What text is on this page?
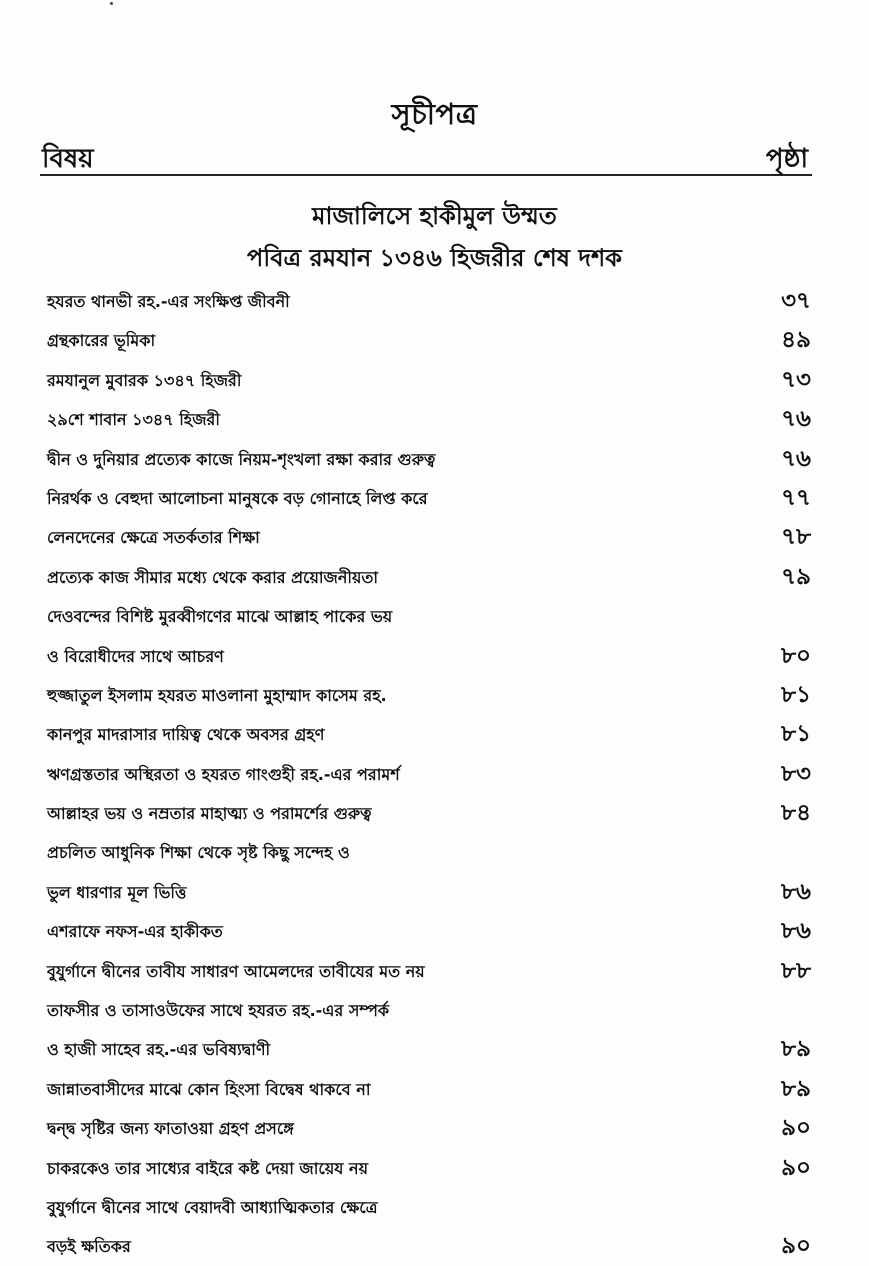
সূচীপত্র
বিষয়	পৃষ্ঠা
মাজালিসে হাকীমুল উম্মত
পবিত্র রমযান ১৩৪৬ হিজরীর শেষ দশক
হযরত থানভী রহ.-এর সংক্ষিপ্ত জীবনী	৩৭
গ্রন্থকারের ভূমিকা	৪৯
রমযানুল মুবারক ১৩৪৭ হিজরী	৭৩
২৯শে শাবান ১৩৪৭ হিজরী	৭৬
দ্বীন ও দুনিয়ার প্রত্যেক কাজে নিয়ম-শৃংখলা রক্ষা করার গুরুত্ব	৭৬
নিরর্থক ও বেহুদা আলোচনা মানুষকে বড় গোনাহে লিপ্ত করে	৭৭
লেনদেনের ক্ষেত্রে সতর্কতার শিক্ষা	৭৮
প্রত্যেক কাজ সীমার মধ্যে থেকে করার প্রয়োজনীয়তা	৭৯
দেওবন্দের বিশিষ্ট মুরব্বীগণের মাঝে আল্লাহ পাকের ভয়
ও বিরোধীদের সাথে আচরণ	৮০
হুজ্জাতুল ইসলাম হযরত মাওলানা মুহাম্মাদ কাসেম রহ.	৮১
কানপুর মাদরাসার দায়িত্ব থেকে অবসর গ্রহণ	৮১
ঋণগ্রস্ততার অস্থিরতা ও হযরত গাংগুহী রহ.-এর পরামর্শ	৮৩
আল্লাহর ভয় ও নম্রতার মাহাত্ম্য ও পরামর্শের গুরুত্ব	৮৪
প্রচলিত আধুনিক শিক্ষা থেকে সৃষ্ট কিছু সন্দেহ ও
ভুল ধারণার মূল ভিত্তি	৮৬
এশরাফে নফস-এর হাকীকত	৮৬
বুযুর্গানে দ্বীনের তাবীয সাধারণ আমেলদের তাবীযের মত নয়	৮৮
তাফসীর ও তাসাওউফের সাথে হযরত রহ.-এর সম্পর্ক
ও হাজী সাহেব রহ.-এর ভবিষ্যদ্বাণী	৮৯
জান্নাতবাসীদের মাঝে কোন হিংসা বিদ্বেষ থাকবে না	৮৯
দ্বন্দ্ব সৃষ্টির জন্য ফাতাওয়া গ্রহণ প্রসঙ্গে	৯০
চাকরকেও তার সাধ্যের বাইরে কষ্ট দেয়া জায়েয নয়	৯০
বুযুর্গানে দ্বীনের সাথে বেয়াদবী আধ্যাত্মিকতার ক্ষেত্রে
বড়ই ক্ষতিকর	৯০
